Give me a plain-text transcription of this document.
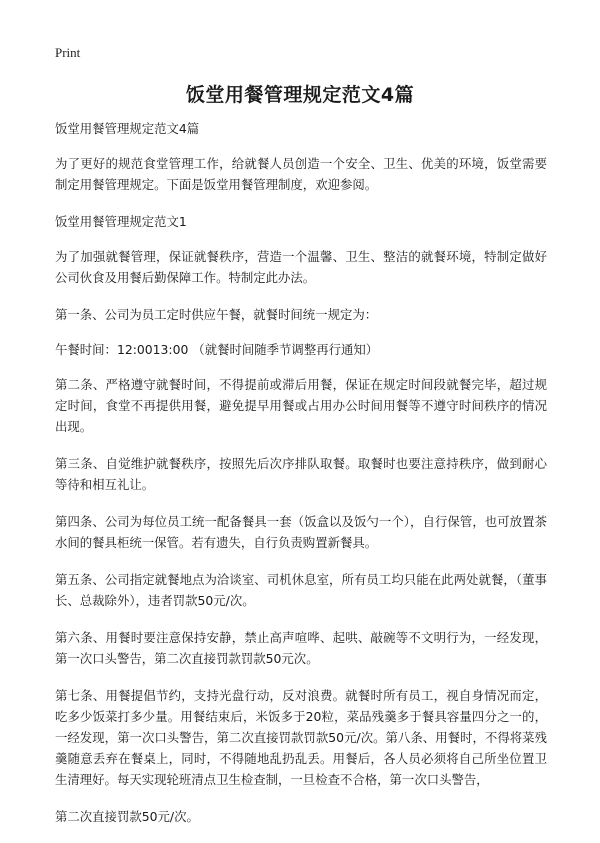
Print
饭堂用餐管理规定范文4篇

饭堂用餐管理规定范文4篇

为了更好的规范食堂管理工作，给就餐人员创造一个安全、卫生、优美的环境，饭堂需要制定用餐管理规定。下面是饭堂用餐管理制度，欢迎参阅。

饭堂用餐管理规定范文1

为了加强就餐管理，保证就餐秩序，营造一个温馨、卫生、整洁的就餐环境，特制定做好公司伙食及用餐后勤保障工作。特制定此办法。

第一条、公司为员工定时供应午餐，就餐时间统一规定为：

午餐时间：12:0013:00 （就餐时间随季节调整再行通知）

第二条、严格遵守就餐时间，不得提前或滞后用餐，保证在规定时间段就餐完毕，超过规定时间，食堂不再提供用餐，避免提早用餐或占用办公时间用餐等不遵守时间秩序的情况出现。

第三条、自觉维护就餐秩序，按照先后次序排队取餐。取餐时也要注意持秩序，做到耐心等待和相互礼让。

第四条、公司为每位员工统一配备餐具一套（饭盒以及饭勺一个），自行保管，也可放置茶水间的餐具柜统一保管。若有遗失，自行负责购置新餐具。

第五条、公司指定就餐地点为洽谈室、司机休息室，所有员工均只能在此两处就餐，（董事长、总裁除外），违者罚款50元/次。

第六条、用餐时要注意保持安静，禁止高声喧哗、起哄、敲碗等不文明行为，一经发现，第一次口头警告，第二次直接罚款罚款50元次。

第七条、用餐提倡节约，支持光盘行动，反对浪费。就餐时所有员工，视自身情况而定，吃多少饭菜打多少量。用餐结束后，米饭多于20粒，菜品残羹多于餐具容量四分之一的，一经发现，第一次口头警告，第二次直接罚款罚款50元/次。第八条、用餐时，不得将菜残羹随意丢弃在餐桌上，同时，不得随地乱扔乱丢。用餐后，各人员必须将自己所坐位置卫生清理好。每天实现轮班清点卫生检查制，一旦检查不合格，第一次口头警告，

第二次直接罚款50元/次。
